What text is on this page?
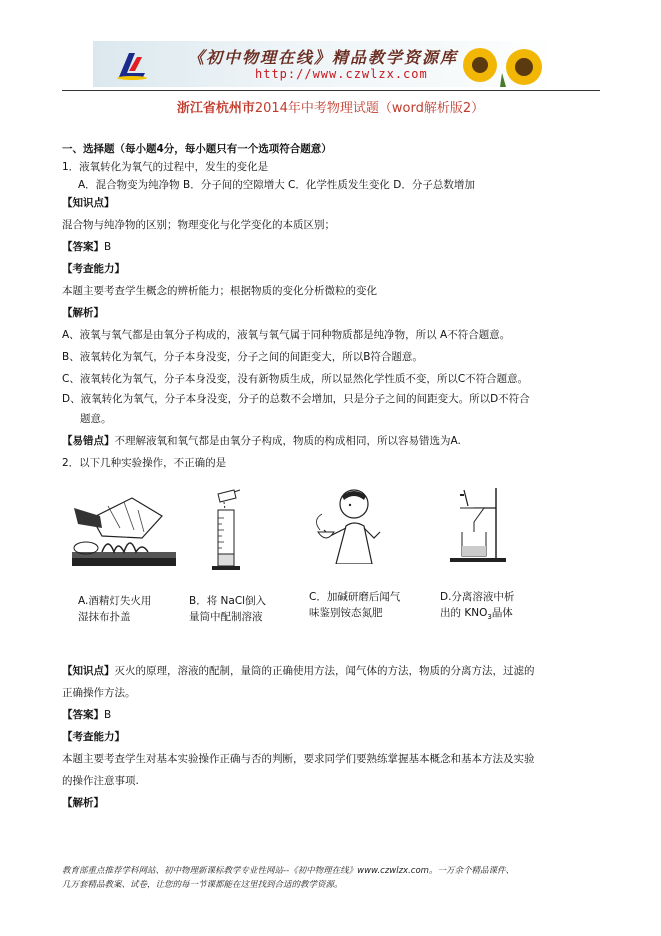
《初中物理在线》精品教学资源库
http://www.czwlzx.com
浙江省杭州市2014年中考物理试题（word解析版2）
一、选择题（每小题4分，每小题只有一个选项符合题意）
1．液氧转化为氧气的过程中，发生的变化是
A．混合物变为纯净物 B．分子间的空隙增大 C．化学性质发生变化 D．分子总数增加
【知识点】
混合物与纯净物的区别；物理变化与化学变化的本质区别；
【答案】B
【考查能力】
本题主要考查学生概念的辨析能力；根据物质的变化分析微粒的变化
【解析】
A、液氧与氧气都是由氧分子构成的，液氧与氧气属于同种物质都是纯净物，所以 A不符合题意。
B、液氧转化为氧气，分子本身没变，分子之间的间距变大，所以B符合题意。
C、液氧转化为氧气，分子本身没变，没有新物质生成，所以显然化学性质不变，所以C不符合题意。
D、液氧转化为氧气，分子本身没变，分子的总数不会增加，只是分子之间的间距变大。所以D不符合
题意。
【易错点】不理解液氧和氧气都是由氧分子构成，物质的构成相同，所以容易错选为A.
2．以下几种实验操作，不正确的是
A.酒精灯失火用
湿抹布扑盖
B．将 NaCl倒入
量筒中配制溶液
C．加碱研磨后闻气
味鉴别铵态氮肥
D.分离溶液中析
出的 $KNO_3$晶体
【知识点】灭火的原理，溶液的配制，量筒的正确使用方法，闻气体的方法，物质的分离方法，过滤的
正确操作方法。
【答案】B
【考查能力】
本题主要考查学生对基本实验操作正确与否的判断，要求同学们要熟练掌握基本概念和基本方法及实验
的操作注意事项.
【解析】
教育部重点推荐学科网站、初中物理新课标教学专业性网站--《初中物理在线》www.czwlzx.com。一万余个精品课件、
几万套精品教案、试卷，让您的每一节课都能在这里找到合适的教学资源。
